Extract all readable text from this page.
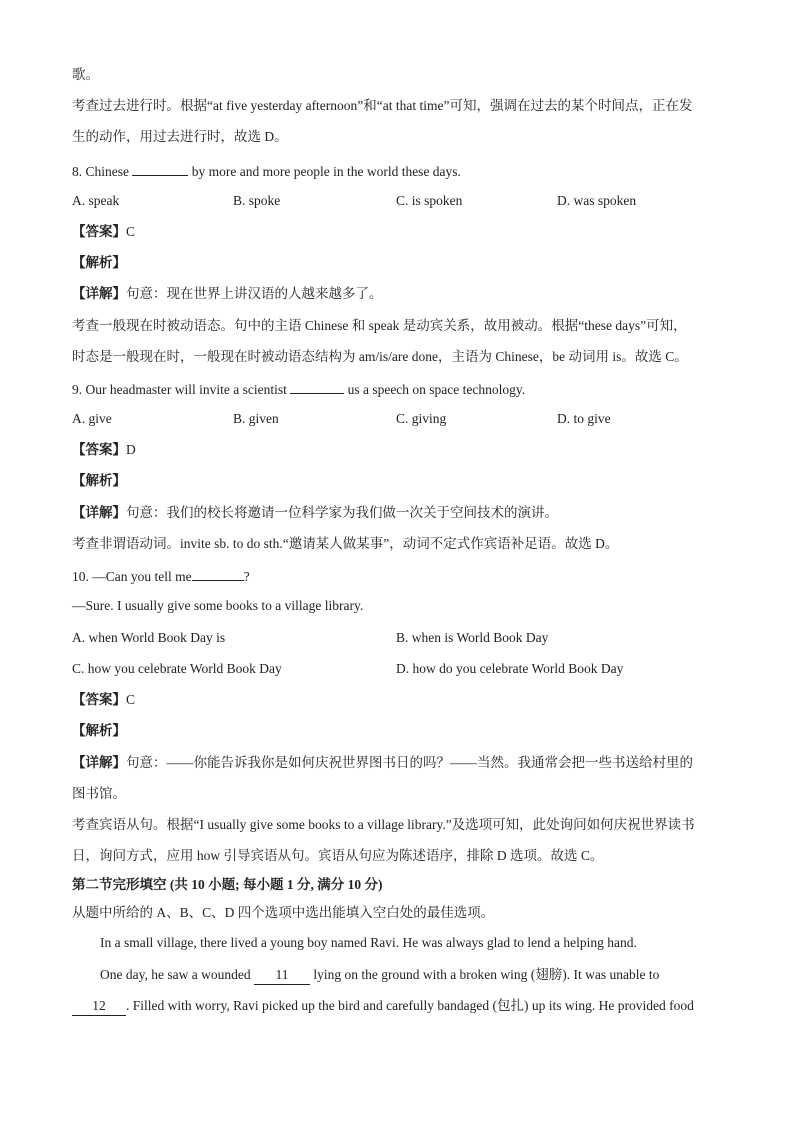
歌。
考查过去进行时。根据“at five yesterday afternoon”和“at that time”可知，强调在过去的某个时间点，正在发
生的动作，用过去进行时，故选 D。
8. Chinese	by more and more people in the world these days.
A. speak	B. spoke	C. is spoken	D. was spoken
【答案】C
【解析】
【详解】句意：现在世界上讲汉语的人越来越多了。
考查一般现在时被动语态。句中的主语 Chinese 和 speak 是动宾关系，故用被动。根据“these days”可知，
时态是一般现在时，一般现在时被动语态结构为 am/is/are done，主语为 Chinese，be 动词用 is。故选 C。
9. Our headmaster will invite a scientist	us a speech on space technology.
A. give	B. given	C. giving	D. to give
【答案】D
【解析】
【详解】句意：我们的校长将邀请一位科学家为我们做一次关于空间技术的演讲。
考查非谓语动词。invite sb. to do sth.“邀请某人做某事”，动词不定式作宾语补足语。故选 D。
10. —Can you tell me	?
—Sure. I usually give some books to a village library.
A. when World Book Day is	B. when is World Book Day
C. how you celebrate World Book Day	D. how do you celebrate World Book Day
【答案】C
【解析】
【详解】句意：——你能告诉我你是如何庆祝世界图书日的吗？——当然。我通常会把一些书送给村里的
图书馆。
考查宾语从句。根据“I usually give some books to a village library.”及选项可知，此处询问如何庆祝世界读书
日，询问方式，应用 how 引导宾语从句。宾语从句应为陈述语序，排除 D 选项。故选 C。
第二节完形填空 (共 10 小题; 每小题 1 分, 满分 10 分)
从题中所给的 A、B、C、D 四个选项中选出能填入空白处的最佳选项。
In a small village, there lived a young boy named Ravi. He was always glad to lend a helping hand.
One day, he saw a wounded 11 lying on the ground with a broken wing (翅膀). It was unable to
12 . Filled with worry, Ravi picked up the bird and carefully bandaged (包扎) up its wing. He provided food
